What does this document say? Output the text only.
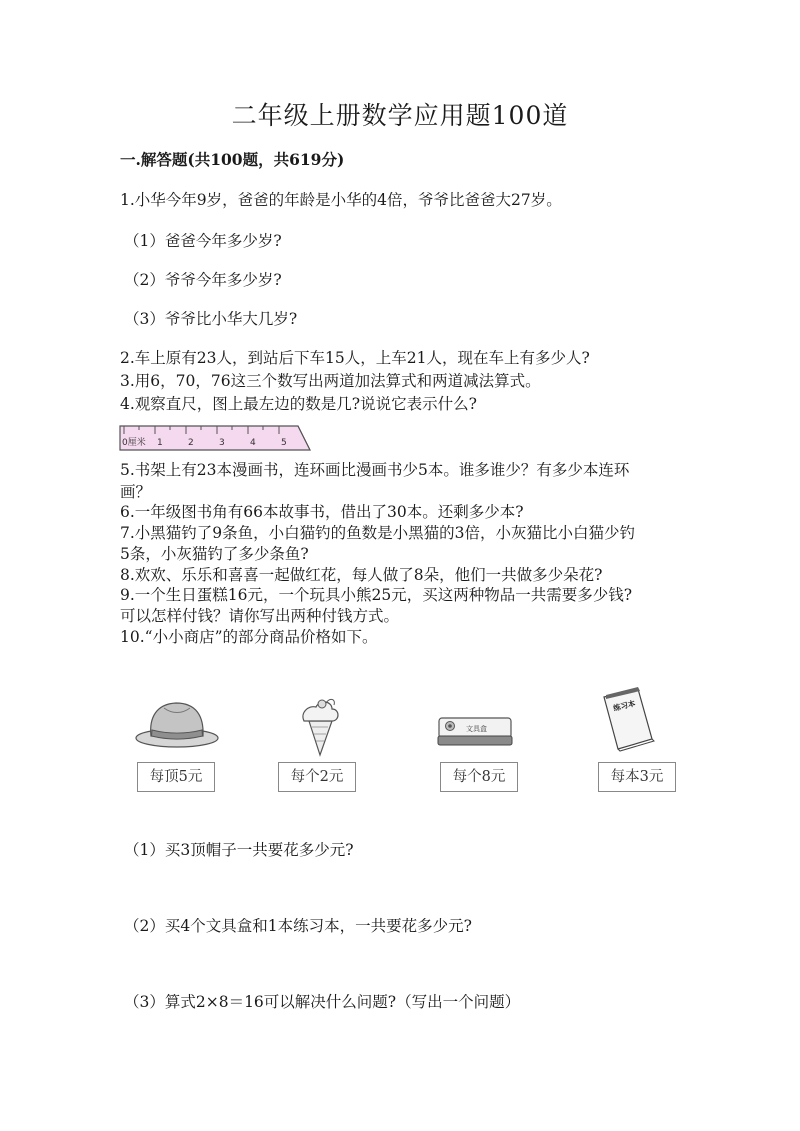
二年级上册数学应用题100道
一.解答题(共100题，共619分)
1.小华今年9岁，爸爸的年龄是小华的4倍，爷爷比爸爸大27岁。
（1）爸爸今年多少岁?
（2）爷爷今年多少岁?
（3）爷爷比小华大几岁?
2.车上原有23人，到站后下车15人，上车21人，现在车上有多少人?
3.用6，70，76这三个数写出两道加法算式和两道减法算式。
4.观察直尺，图上最左边的数是几?说说它表示什么?
0厘米 1	2	3	4	5
5.书架上有23本漫画书，连环画比漫画书少5本。谁多谁少？有多少本连环
画？
6.一年级图书角有66本故事书，借出了30本。还剩多少本?
7.小黑猫钓了9条鱼，小白猫钓的鱼数是小黑猫的3倍，小灰猫比小白猫少钓
5条，小灰猫钓了多少条鱼?
8.欢欢、乐乐和喜喜一起做红花，每人做了8朵，他们一共做多少朵花?
9.一个生日蛋糕16元，一个玩具小熊25元，买这两种物品一共需要多少钱?
可以怎样付钱？请你写出两种付钱方式。
10.“小小商店”的部分商品价格如下。
文具盒
练习本
每顶5元	每个2元	每个8元	每本3元
（1）买3顶帽子一共要花多少元?
（2）买4个文具盒和1本练习本，一共要花多少元?
（3）算式2×8＝16可以解决什么问题?（写出一个问题）
